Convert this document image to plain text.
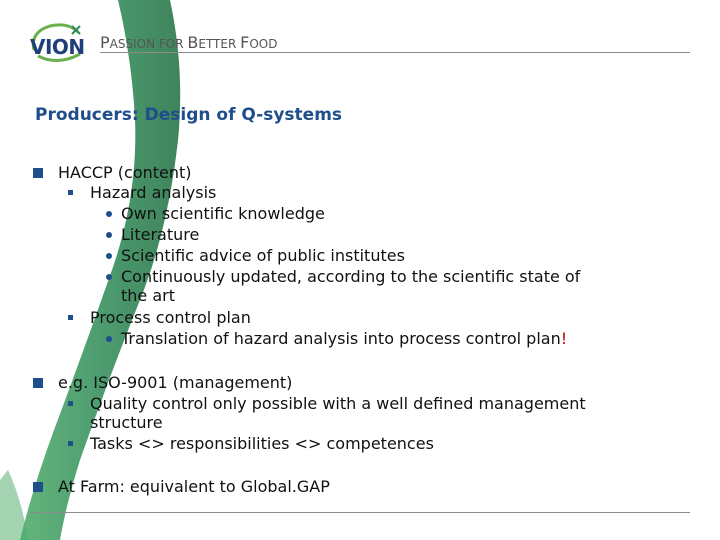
VION PASSION FOR BETTER FOOD
Producers: Design of Q-systems
HACCP (content)
Hazard analysis
Own scientific knowledge
Literature
Scientific advice of public institutes
Continuously updated, according to the scientific state of
the art
Process control plan
Translation of hazard analysis into process control plan!
e.g. ISO-9001 (management)
Quality control only possible with a well defined management
structure
Tasks <> responsibilities <> competences
At Farm: equivalent to Global.GAP
